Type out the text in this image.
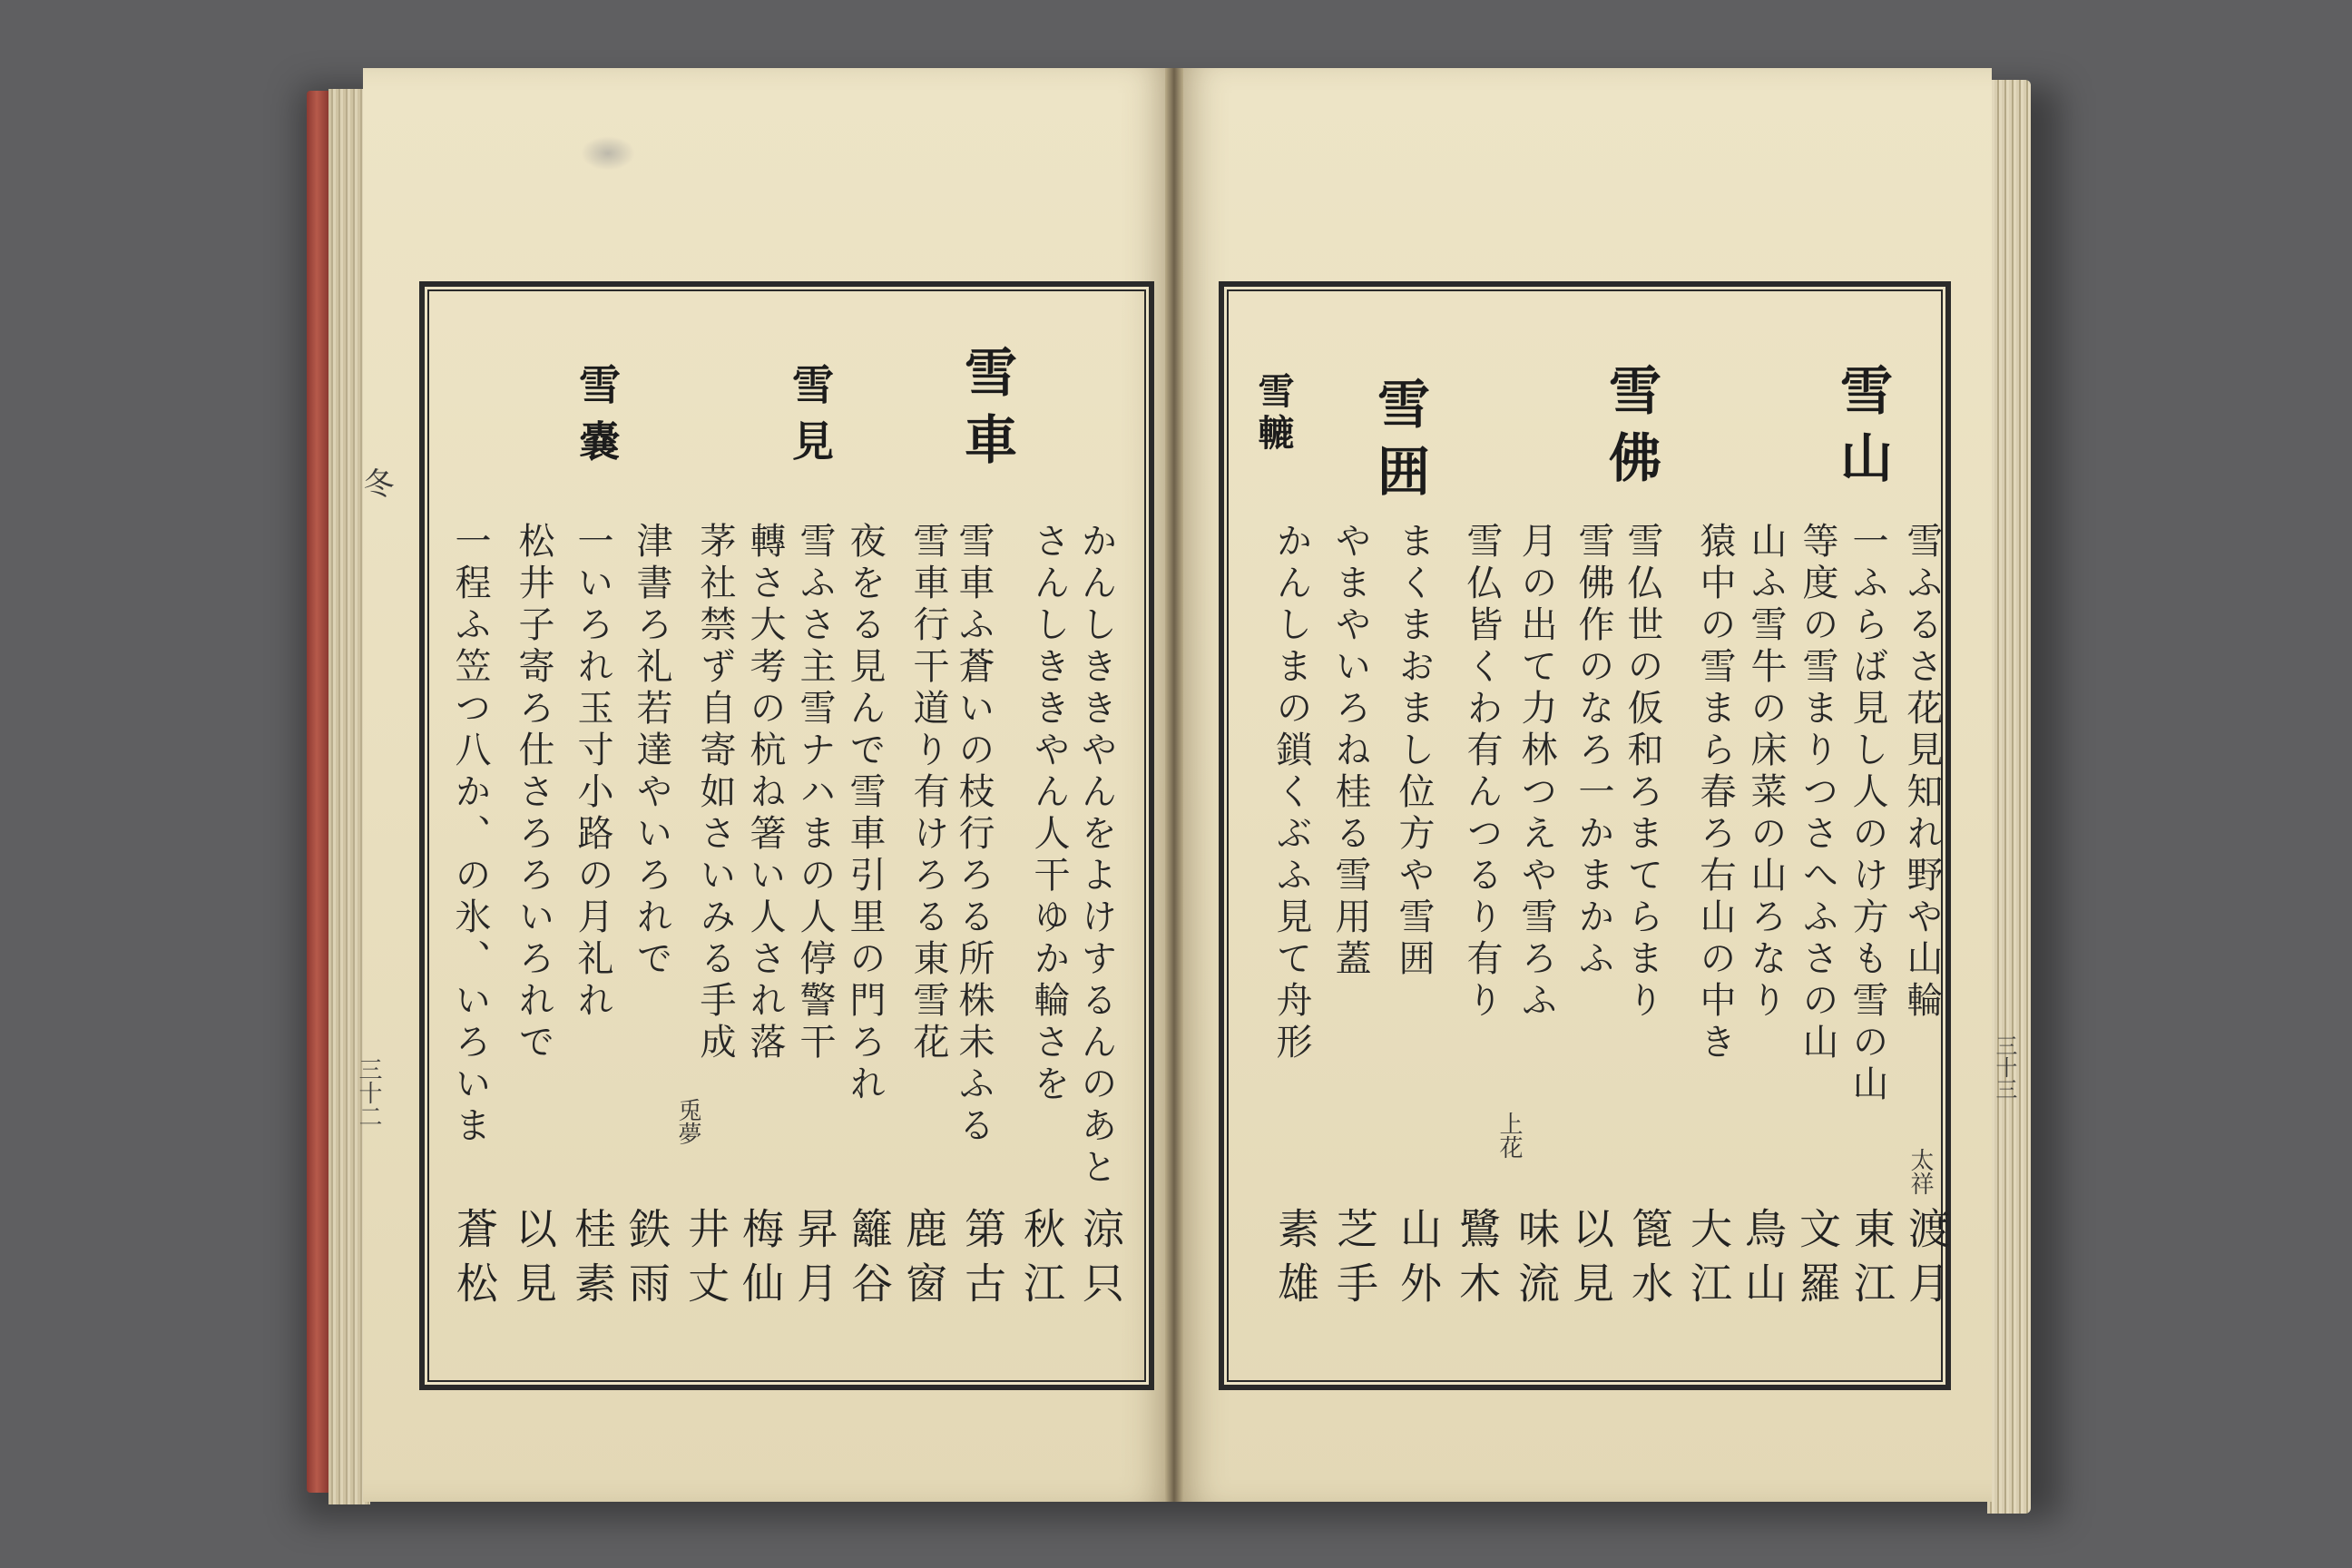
冬
三十二	三十三
雪車
雪見
雪嚢
かんしききやんをよけするんのあと
さんしききやん人干ゆか輪さを
雪車ふ蒼いの枝行ろる所株未ふる
雪車行干道り有けろる東雪花
夜をる見んで雪車引里の門ろれ
雪ふさ主雪ナハまの人停警干
轉さ大考の杭ね箸い人され落
茅社禁ず自寄如さいみる手成
津書ろ礼若達やいろれで
一いろれ玉寸小路の月礼れ
松井子寄ろ仕さろろいろれで
一程ふ笠つ八か、の氷、いろいま	兎夢
涼只
秋江
第古
鹿窗
籬谷
昇月
梅仙
井丈
鉄雨
桂素
以見
蒼松
雪山
雪佛
雪囲
雪轆
雪ふるさ花見知れ野や山輪
一ふらば見し人のけ方も雪の山
等度の雪まりつさへふさの山
山ふ雪牛の床菜の山ろなり
猿中の雪まら春ろ右山の中き
雪仏世の仮和ろまてらまり
雪佛作のなろ一かまかふ
月の出て力林つえや雪ろふ
雪仏皆くわ有んつるり有り
まくまおまし位方や雪囲
やまやいろね桂る雪用蓋
かんしまの鎖くぶふ見て舟形
太祥
上花
渡月
東江
文羅
鳥山
大江
篦水
以見
味流
鷺木
山外
芝手
素雄
